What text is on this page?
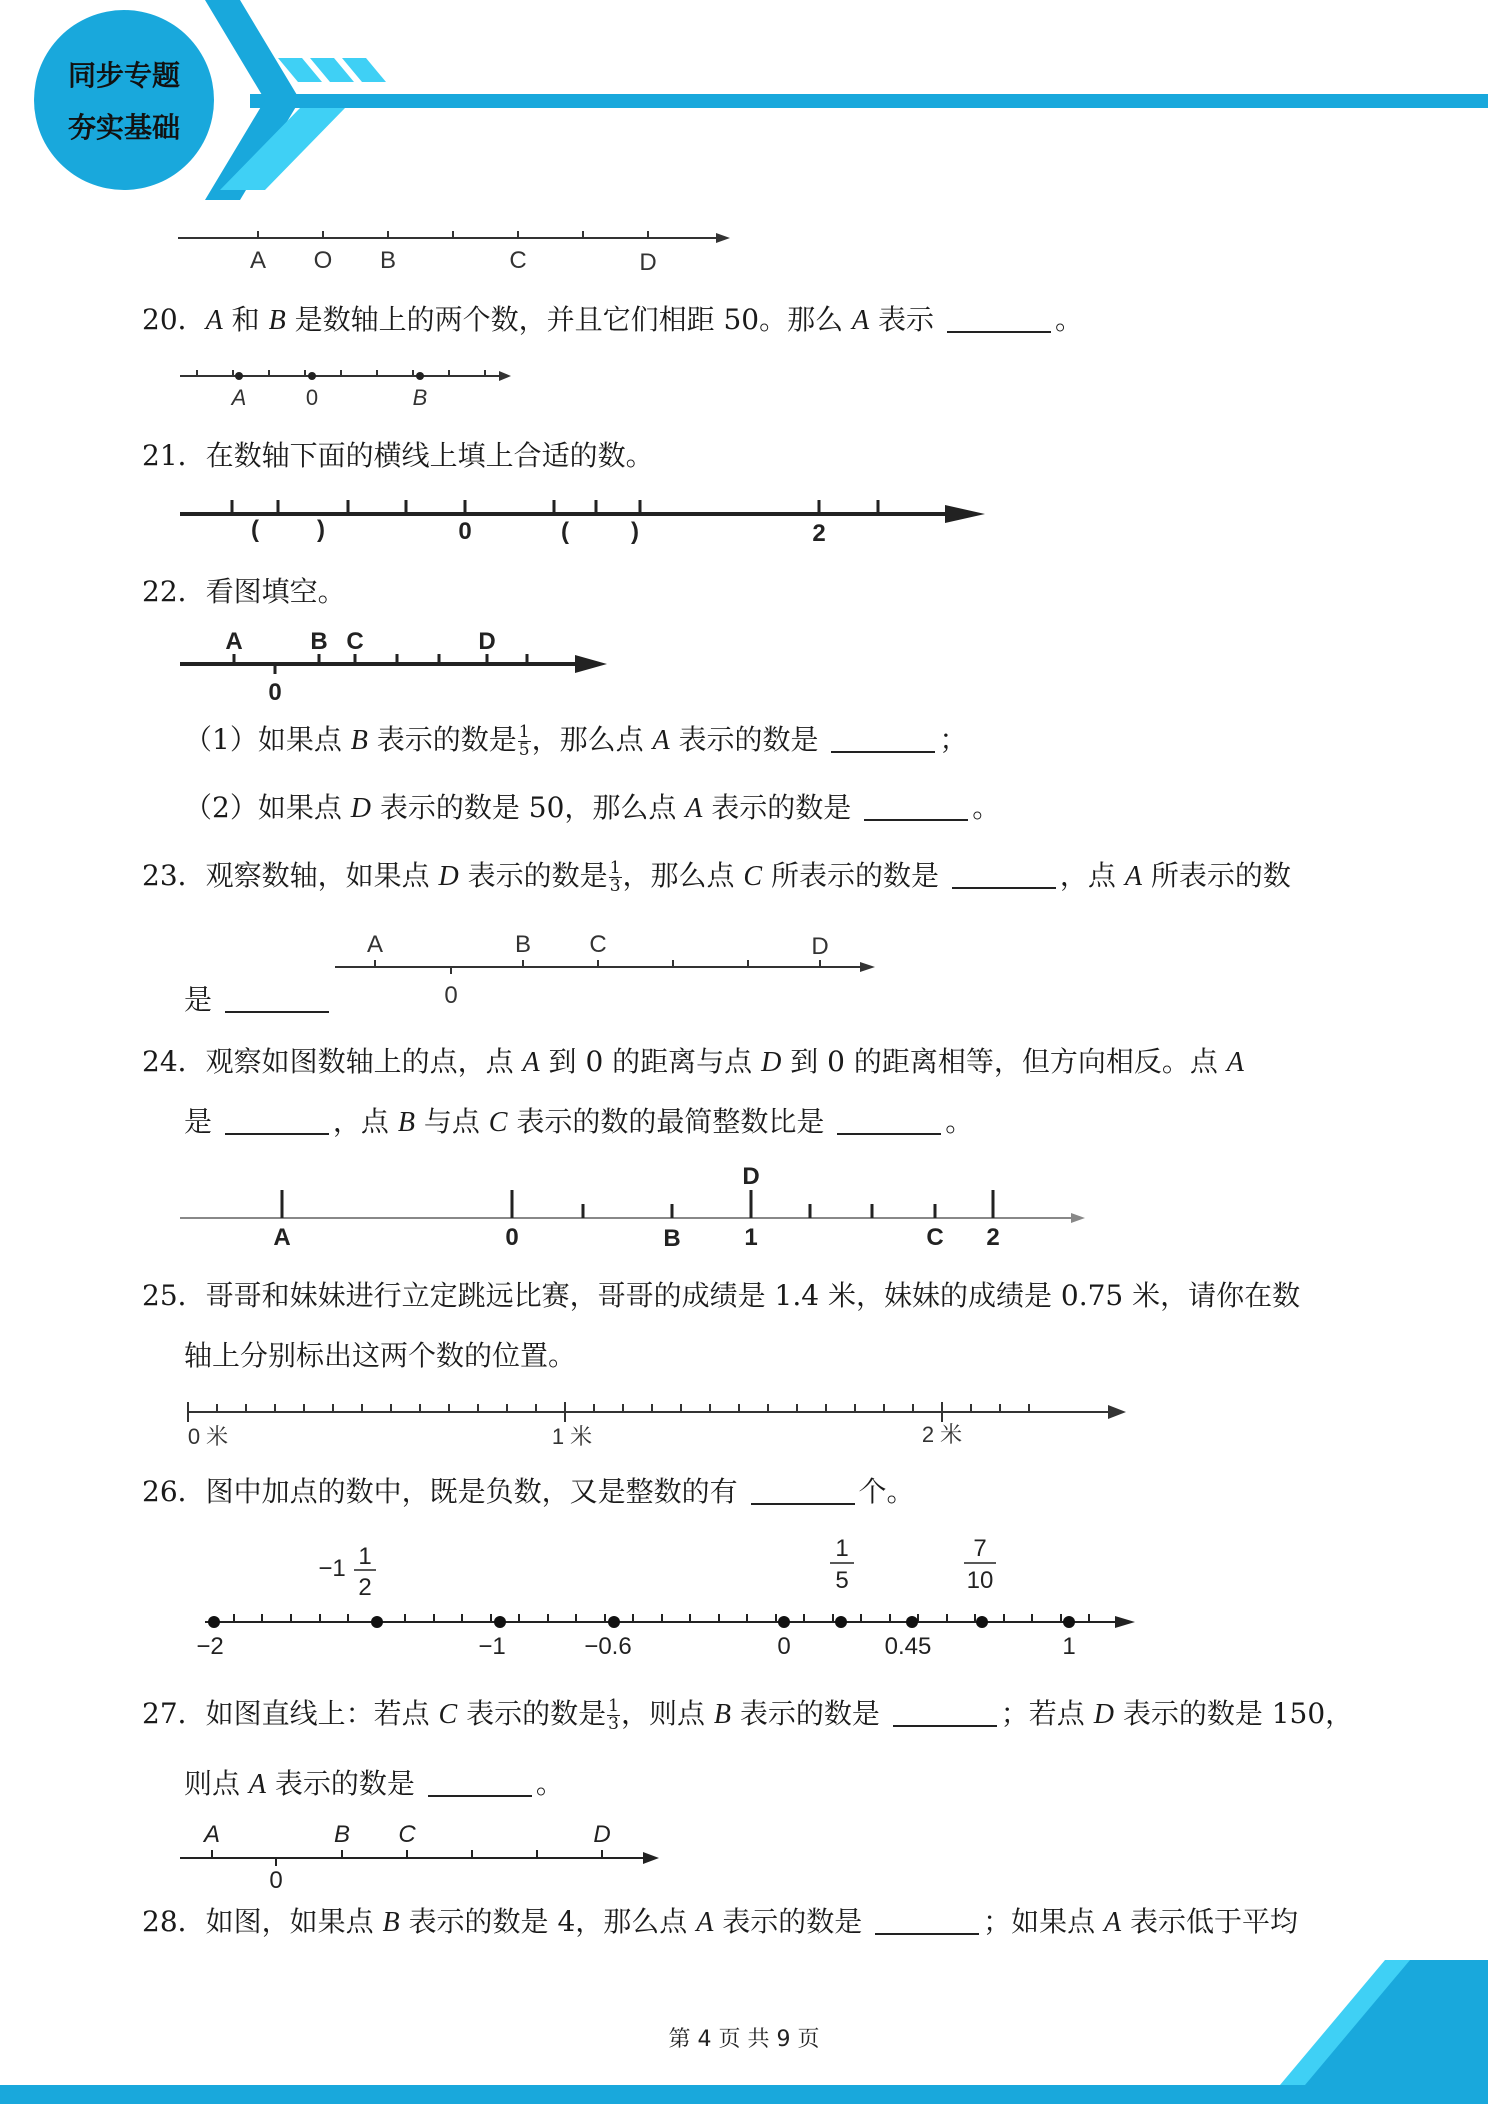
同步专题
夯实基础
A O B	C	D
20．A 和 B 是数轴上的两个数，并且它们相距 50。那么 A 表示	。
A	0	B
21．在数轴下面的横线上填上合适的数。
( )	0	(	)	2
22．看图填空。
A	B C	D
0
（1）如果点 B 表示的数是 $\frac{1}{5}$ ，那么点 A 表示的数是	；
（2）如果点 D 表示的数是 50，那么点 A 表示的数是	。
23．观察数轴，如果点 D 表示的数是 $\frac{1}{3}$ ，那么点 C 所表示的数是	，点 A 所表示的数
A	B C	D
0
是
24．观察如图数轴上的点，点 A 到 0 的距离与点 D 到 0 的距离相等，但方向相反。点 A
是	，点 B 与点 C 表示的数的最简整数比是	。
A	0	B
D
1	C 2
25．哥哥和妹妹进行立定跳远比赛，哥哥的成绩是 1.4 米，妹妹的成绩是 0.75 米，请你在数
轴上分别标出这两个数的位置。
0 米	1 米	2 米
26．图中加点的数中，既是负数，又是整数的有	个。
−2	−1	−0.6	0	0.45	1
−1 1
2
1
5
7
10
27．如图直线上：若点 C 表示的数是 $\frac{1}{3}$ ，则点 B 表示的数是	；若点 D 表示的数是 150，
则点 A 表示的数是	。
A	B C	D
0
28．如图，如果点 B 表示的数是 4，那么点 A 表示的数是	；如果点 A 表示低于平均
第 4 页 共 9 页
